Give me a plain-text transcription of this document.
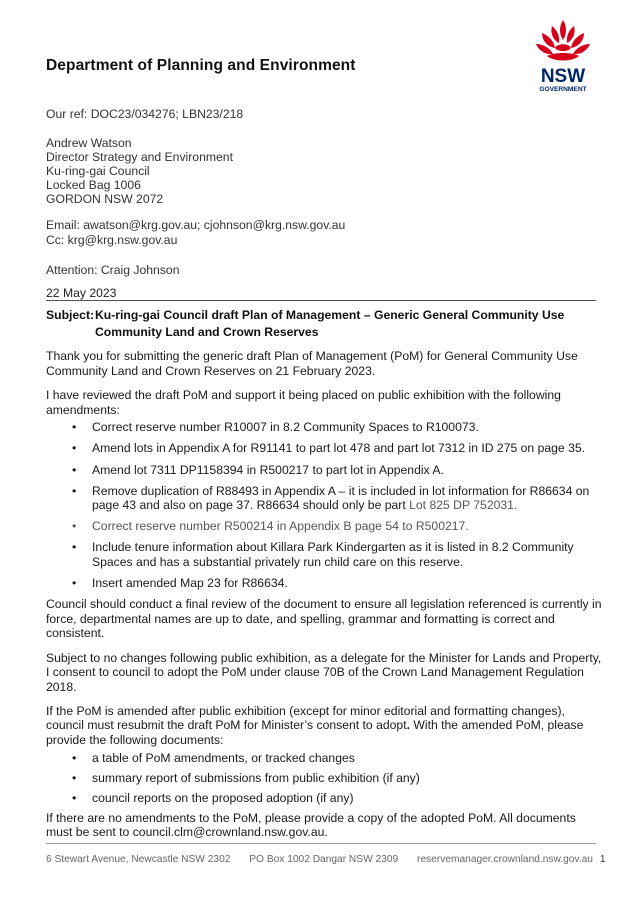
Department of Planning and Environment
NSW
GOVERNMENT
Our ref: DOC23/034276; LBN23/218
Andrew Watson
Director Strategy and Environment
Ku-ring-gai Council
Locked Bag 1006
GORDON NSW 2072
Email: awatson@krg.gov.au; cjohnson@krg.nsw.gov.au
Cc: krg@krg.nsw.gov.au
Attention: Craig Johnson
22 May 2023
Subject:Ku-ring-gai Council draft Plan of Management – Generic General Community Use
Community Land and Crown Reserves

Thank you for submitting the generic draft Plan of Management (PoM) for General Community Use Community Land and Crown Reserves on 21 February 2023.

I have reviewed the draft PoM and support it being placed on public exhibition with the following amendments:

• Correct reserve number R10007 in 8.2 Community Spaces to R100073.
• Amend lots in Appendix A for R91141 to part lot 478 and part lot 7312 in ID 275 on page 35.
• Amend lot 7311 DP1158394 in R500217 to part lot in Appendix A.
• Remove duplication of R88493 in Appendix A – it is included in lot information for R86634 on page 43 and also on page 37. R86634 should only be part Lot 825 DP 752031.
• Correct reserve number R500214 in Appendix B page 54 to R500217.
• Include tenure information about Killara Park Kindergarten as it is listed in 8.2 Community Spaces and has a substantial privately run child care on this reserve.
• Insert amended Map 23 for R86634.

Council should conduct a final review of the document to ensure all legislation referenced is currently in force, departmental names are up to date, and spelling, grammar and formatting is correct and consistent.

Subject to no changes following public exhibition, as a delegate for the Minister for Lands and Property, I consent to council to adopt the PoM under clause 70B of the Crown Land Management Regulation 2018.

If the PoM is amended after public exhibition (except for minor editorial and formatting changes), council must resubmit the draft PoM for Minister’s consent to adopt. With the amended PoM, please provide the following documents:

• a table of PoM amendments, or tracked changes
• summary report of submissions from public exhibition (if any)
• council reports on the proposed adoption (if any)

If there are no amendments to the PoM, please provide a copy of the adopted PoM. All documents must be sent to council.clm@crownland.nsw.gov.au.

6 Stewart Avenue, Newcastle NSW 2302 PO Box 1002 Dangar NSW 2309 reservemanager.crownland.nsw.gov.au 1
